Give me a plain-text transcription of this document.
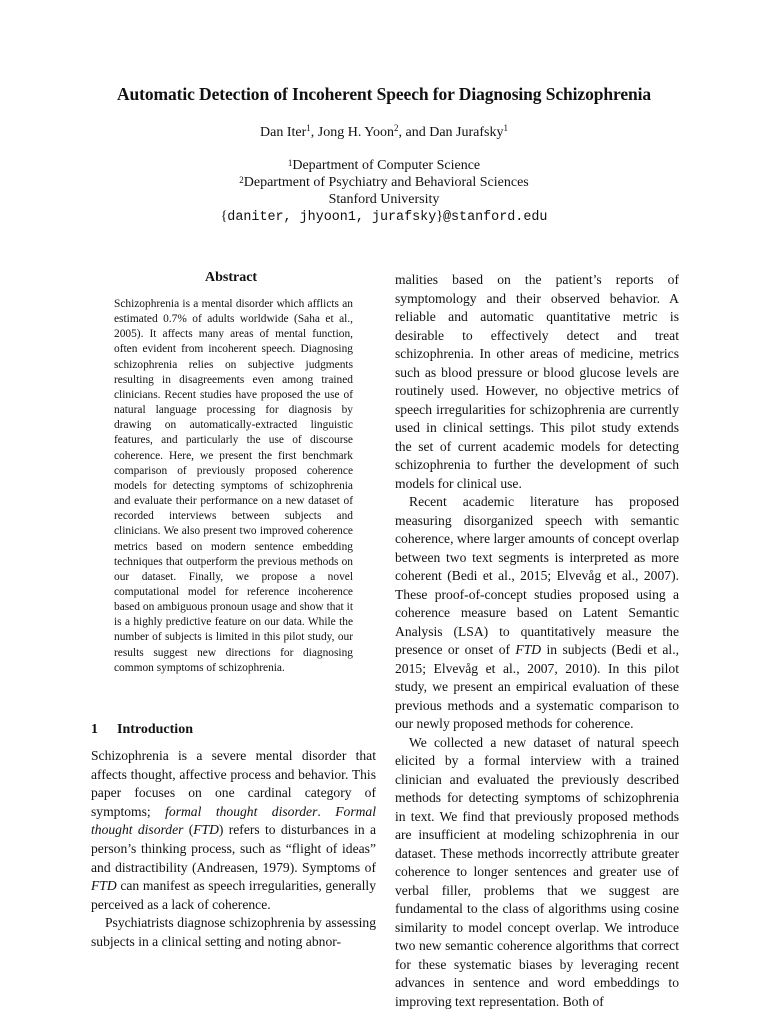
Automatic Detection of Incoherent Speech for Diagnosing Schizophrenia
Dan Iter$^1$, Jong H. Yoon$^2$, and Dan Jurafsky$^1$
$^1$Department of Computer Science
$^2$Department of Psychiatry and Behavioral Sciences
Stanford University
{daniter, jhyoon1, jurafsky}@stanford.edu
Abstract

Schizophrenia is a mental disorder which afflicts an estimated 0.7% of adults worldwide (Saha et al., 2005). It affects many areas of mental function, often evident from incoherent speech. Diagnosing schizophrenia relies on subjective judgments resulting in disagreements even among trained clinicians. Recent studies have proposed the use of natural language processing for diagnosis by drawing on automatically-extracted linguistic features, and particularly the use of discourse coherence. Here, we present the first benchmark comparison of previously proposed coherence models for detecting symptoms of schizophrenia and evaluate their performance on a new dataset of recorded interviews between subjects and clinicians. We also present two improved coherence metrics based on modern sentence embedding techniques that outperform the previous methods on our dataset. Finally, we propose a novel computational model for reference incoherence based on ambiguous pronoun usage and show that it is a highly predictive feature on our data. While the number of subjects is limited in this pilot study, our results suggest new directions for diagnosing common symptoms of schizophrenia.

1 Introduction

Schizophrenia is a severe mental disorder that affects thought, affective process and behavior. This paper focuses on one cardinal category of symptoms; formal thought disorder. Formal thought disorder (FTD) refers to disturbances in a person’s thinking process, such as “flight of ideas” and distractibility (Andreasen, 1979). Symptoms of FTD can manifest as speech irregularities, generally perceived as a lack of coherence.

Psychiatrists diagnose schizophrenia by assessing subjects in a clinical setting and noting abnor-

malities based on the patient’s reports of symptomology and their observed behavior. A reliable and automatic quantitative metric is desirable to effectively detect and treat schizophrenia. In other areas of medicine, metrics such as blood pressure or blood glucose levels are routinely used. However, no objective metrics of speech irregularities for schizophrenia are currently used in clinical settings. This pilot study extends the set of current academic models for detecting schizophrenia to further the development of such models for clinical use.

Recent academic literature has proposed measuring disorganized speech with semantic coherence, where larger amounts of concept overlap between two text segments is interpreted as more coherent (Bedi et al., 2015; Elvevåg et al., 2007). These proof-of-concept studies proposed using a coherence measure based on Latent Semantic Analysis (LSA) to quantitatively measure the presence or onset of FTD in subjects (Bedi et al., 2015; Elvevåg et al., 2007, 2010). In this pilot study, we present an empirical evaluation of these previous methods and a systematic comparison to our newly proposed methods for coherence.

We collected a new dataset of natural speech elicited by a formal interview with a trained clinician and evaluated the previously described methods for detecting symptoms of schizophrenia in text. We find that previously proposed methods are insufficient at modeling schizophrenia in our dataset. These methods incorrectly attribute greater coherence to longer sentences and greater use of verbal filler, problems that we suggest are fundamental to the class of algorithms using cosine similarity to model concept overlap. We introduce two new semantic coherence algorithms that correct for these systematic biases by leveraging recent advances in sentence and word embeddings to improving text representation. Both of
